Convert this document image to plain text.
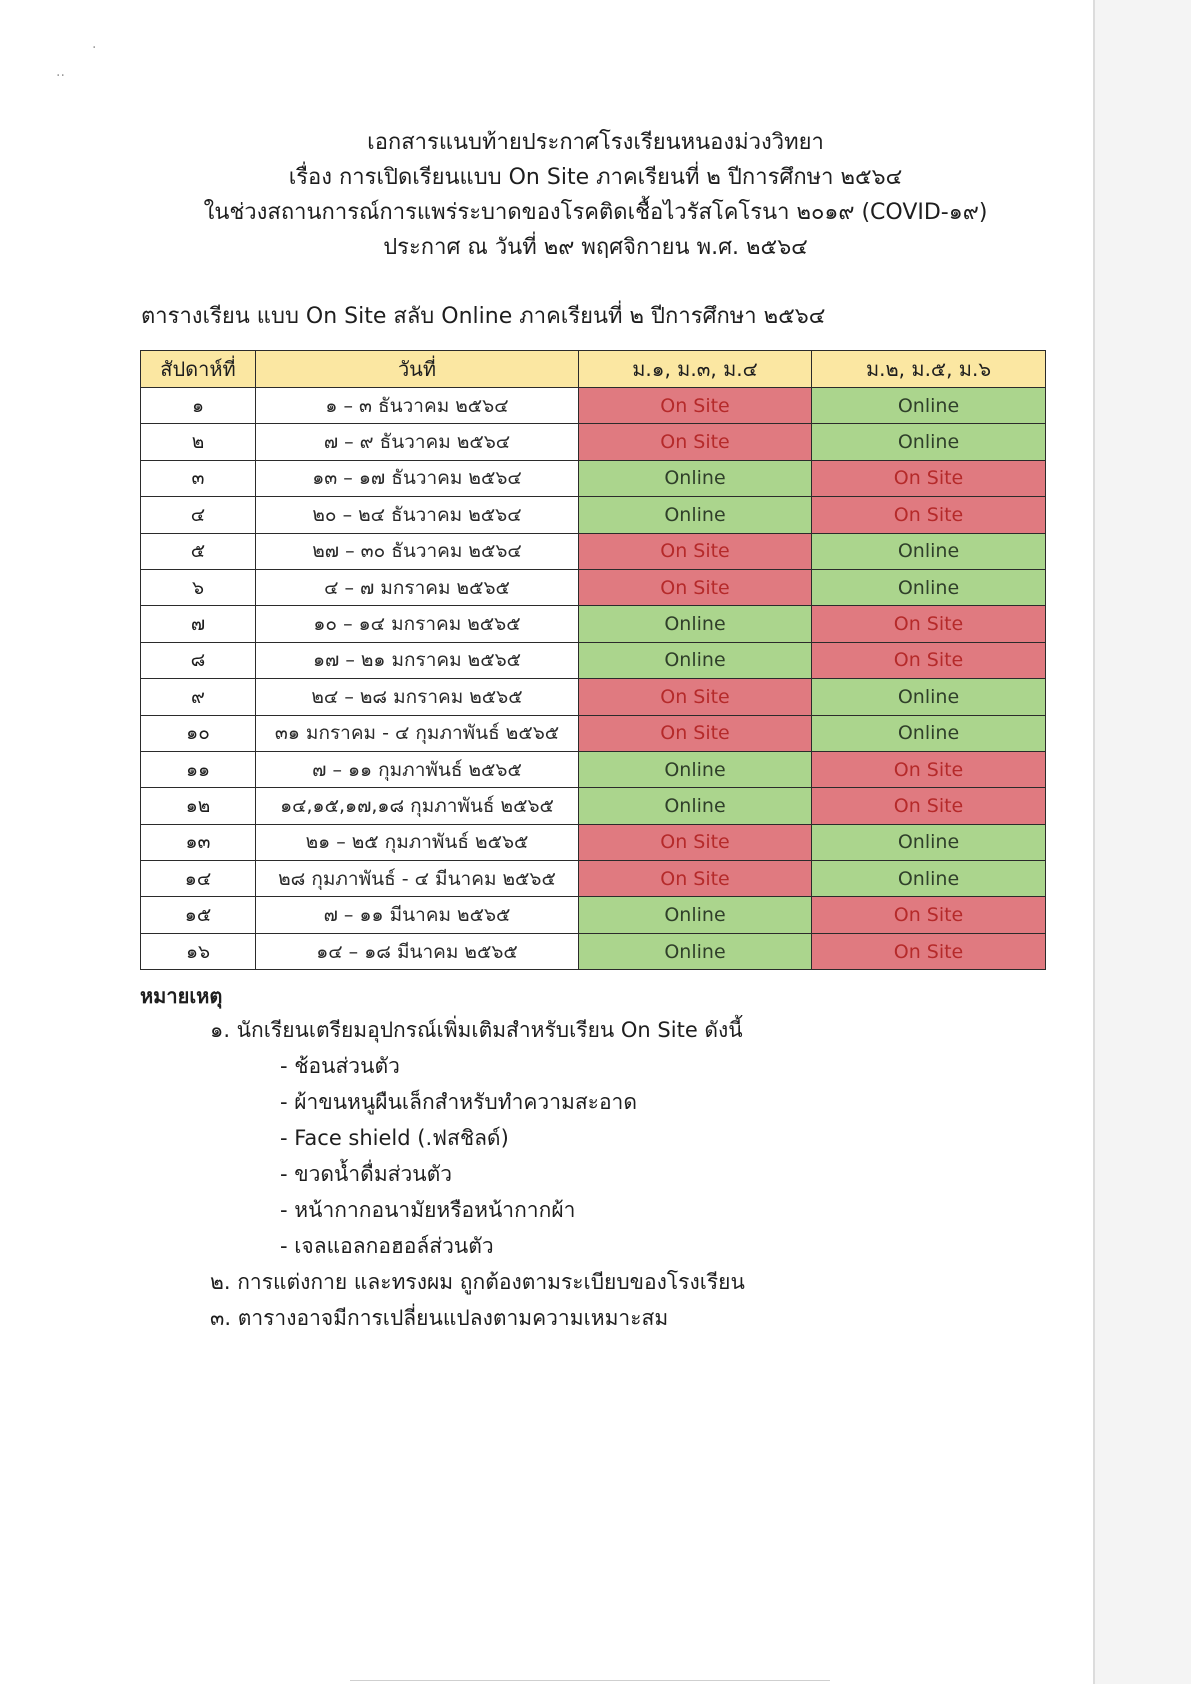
·
··
เอกสารแนบท้ายประกาศโรงเรียนหนองม่วงวิทยา
เรื่อง การเปิดเรียนแบบ On Site ภาคเรียนที่ ๒ ปีการศึกษา ๒๕๖๔
ในช่วงสถานการณ์การแพร่ระบาดของโรคติดเชื้อไวรัสโคโรนา ๒๐๑๙ (COVID-๑๙)
ประกาศ ณ วันที่ ๒๙ พฤศจิกายน พ.ศ. ๒๕๖๔
ตารางเรียน แบบ On Site สลับ Online ภาคเรียนที่ ๒ ปีการศึกษา ๒๕๖๔
สัปดาห์ที่	วันที่	ม.๑, ม.๓, ม.๔	ม.๒, ม.๕, ม.๖
๑	๑ – ๓ ธันวาคม ๒๕๖๔	On Site	Online
๒	๗ – ๙ ธันวาคม ๒๕๖๔	On Site	Online
๓	๑๓ – ๑๗ ธันวาคม ๒๕๖๔	Online	On Site
๔	๒๐ – ๒๔ ธันวาคม ๒๕๖๔	Online	On Site
๕	๒๗ – ๓๐ ธันวาคม ๒๕๖๔	On Site	Online
๖	๔ – ๗ มกราคม ๒๕๖๕	On Site	Online
๗	๑๐ – ๑๔ มกราคม ๒๕๖๕	Online	On Site
๘	๑๗ – ๒๑ มกราคม ๒๕๖๕	Online	On Site
๙	๒๔ – ๒๘ มกราคม ๒๕๖๕	On Site	Online
๑๐	๓๑ มกราคม - ๔ กุมภาพันธ์ ๒๕๖๕	On Site	Online
๑๑	๗ – ๑๑ กุมภาพันธ์ ๒๕๖๕	Online	On Site
๑๒	๑๔,๑๕,๑๗,๑๘ กุมภาพันธ์ ๒๕๖๕	Online	On Site
๑๓	๒๑ – ๒๕ กุมภาพันธ์ ๒๕๖๕	On Site	Online
๑๔	๒๘ กุมภาพันธ์ - ๔ มีนาคม ๒๕๖๕	On Site	Online
๑๕	๗ – ๑๑ มีนาคม ๒๕๖๕	Online	On Site
๑๖	๑๔ – ๑๘ มีนาคม ๒๕๖๕	Online	On Site
หมายเหตุ
๑. นักเรียนเตรียมอุปกรณ์เพิ่มเติมสำหรับเรียน On Site ดังนี้
- ช้อนส่วนตัว
- ผ้าขนหนูผืนเล็กสำหรับทำความสะอาด
- Face shield (.ฟสชิลด์)
- ขวดน้ำดื่มส่วนตัว
- หน้ากากอนามัยหรือหน้ากากผ้า
- เจลแอลกอฮอล์ส่วนตัว
๒. การแต่งกาย และทรงผม ถูกต้องตามระเบียบของโรงเรียน
๓. ตารางอาจมีการเปลี่ยนแปลงตามความเหมาะสม
